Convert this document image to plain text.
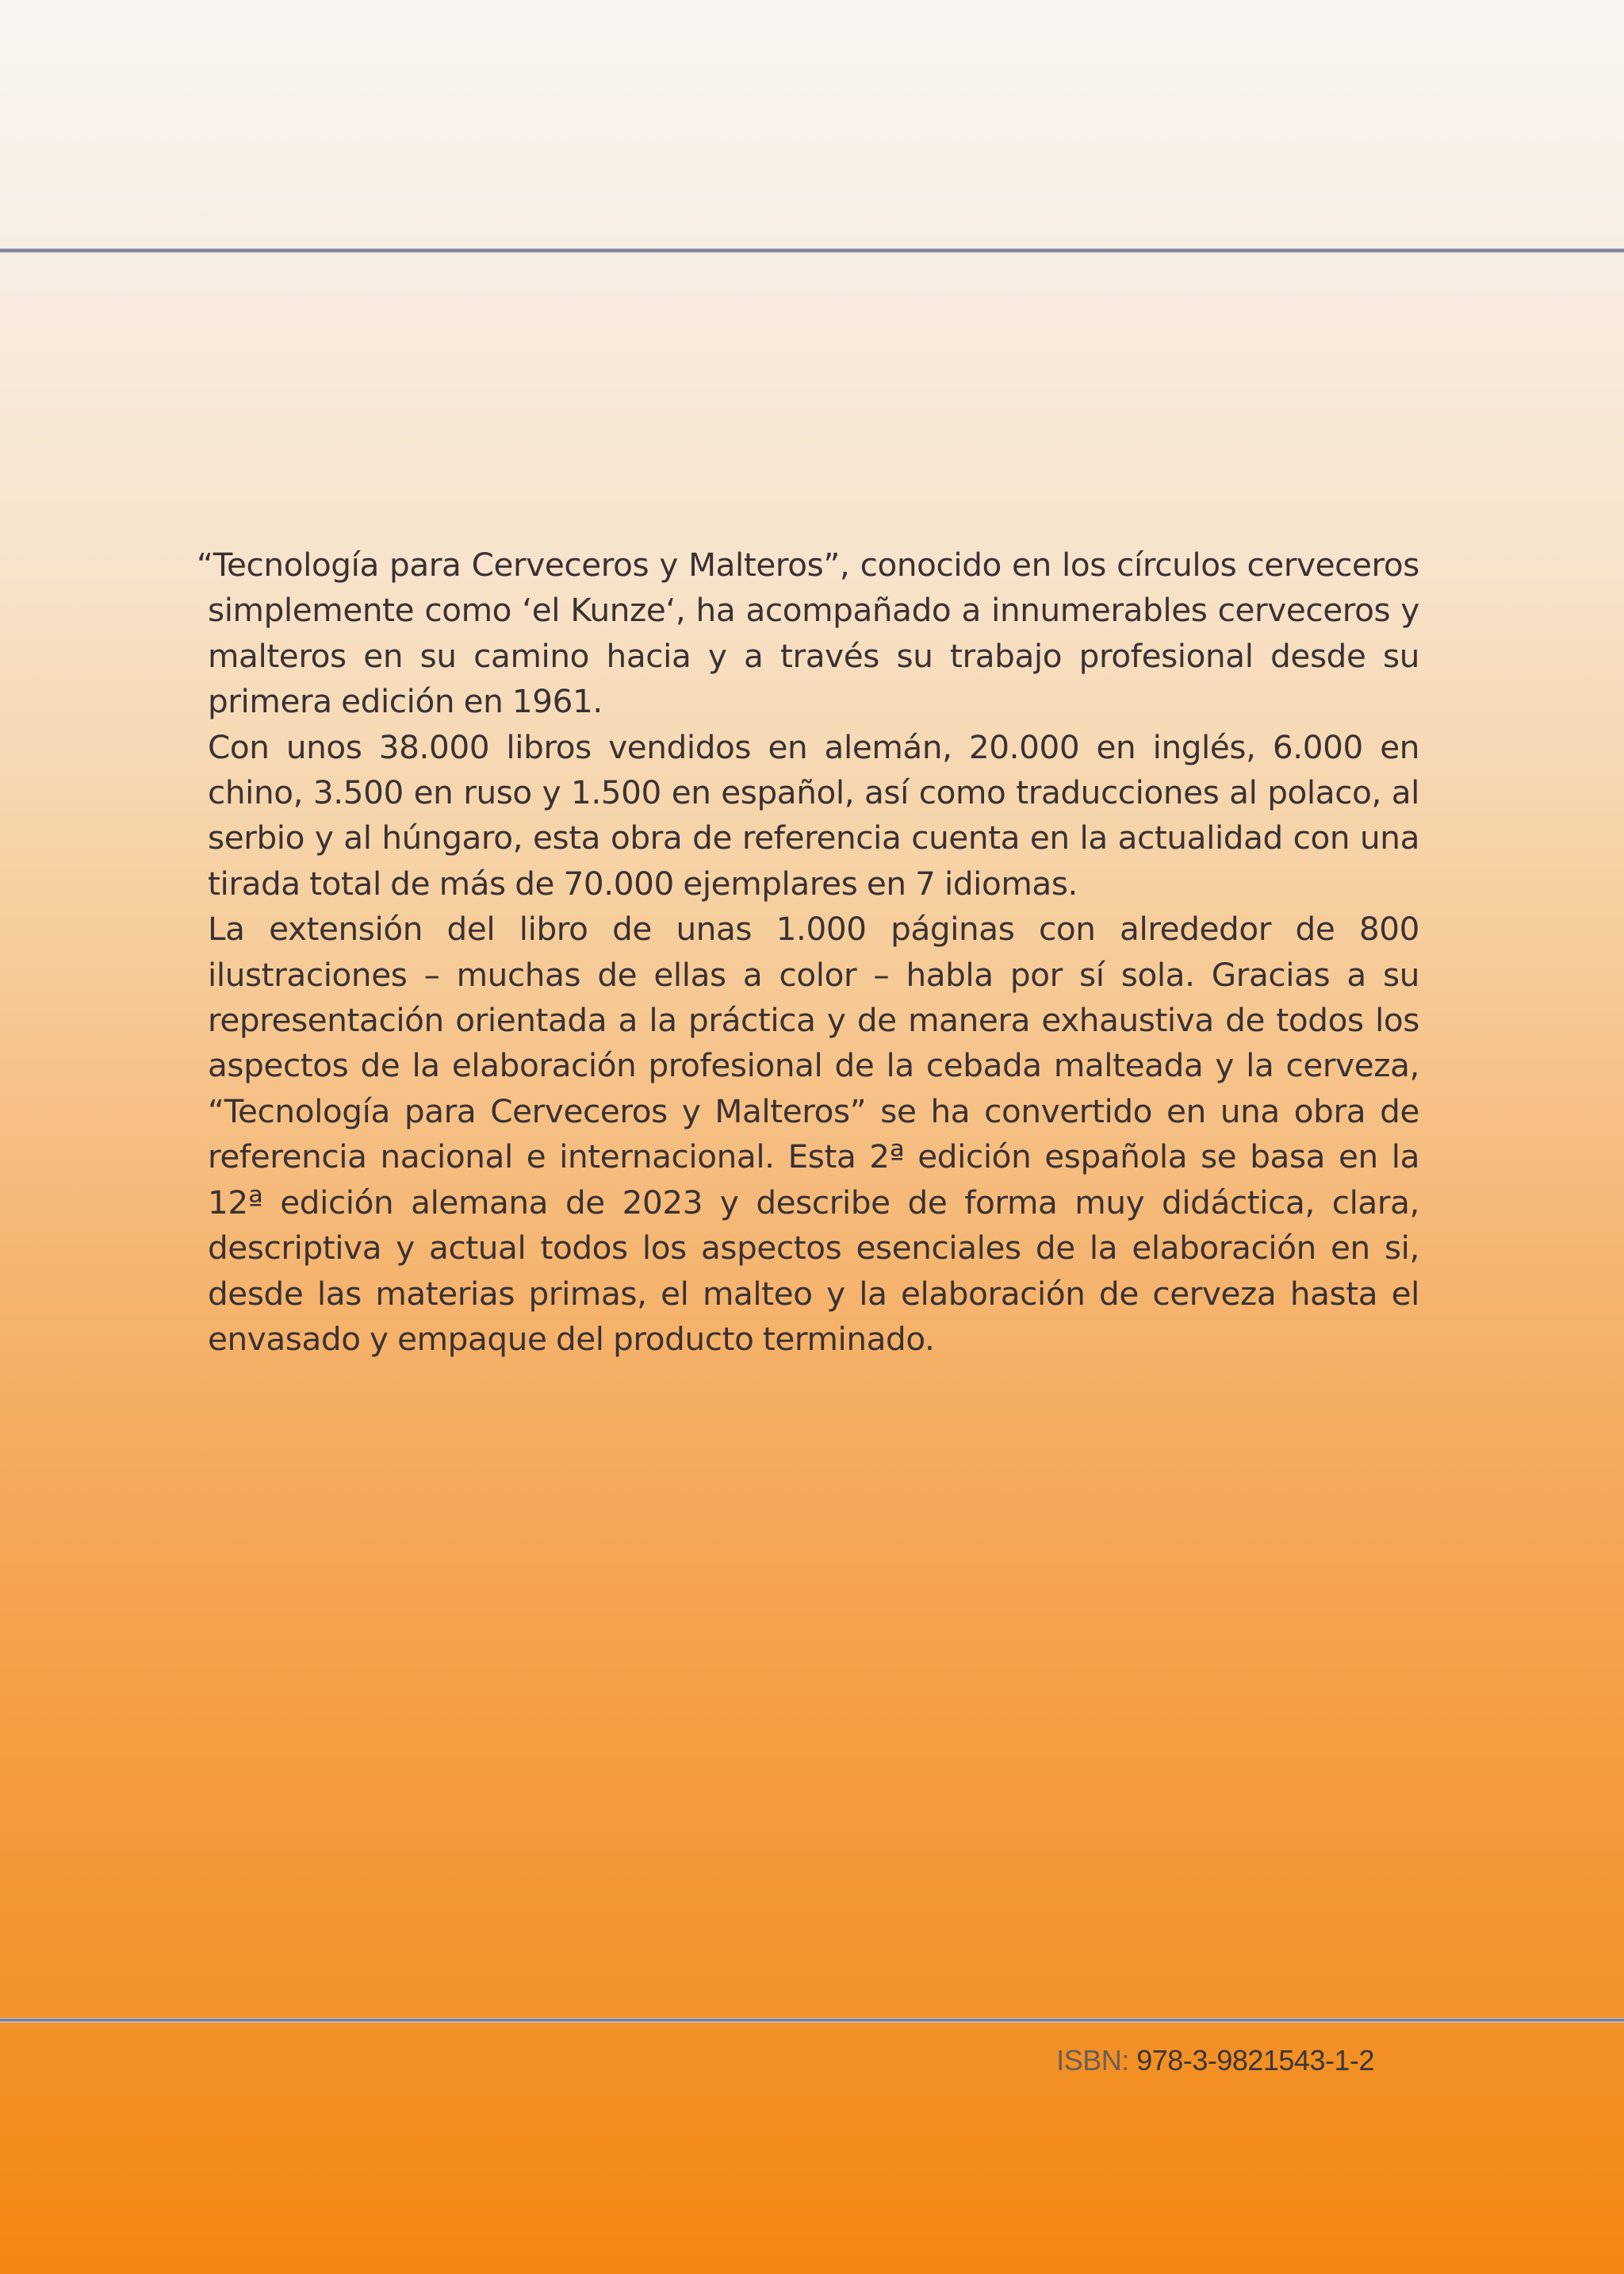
“Tecnología para Cerveceros y Malteros”, conocido en los círculos cerveceros simplemente como ‘el Kunze‘, ha acompañado a innumerables cerveceros y malteros en su camino hacia y a través su trabajo profesional desde su primera edición en 1961.

Con unos 38.000 libros vendidos en alemán, 20.000 en inglés, 6.000 en chino, 3.500 en ruso y 1.500 en español, así como traducciones al polaco, al serbio y al húngaro, esta obra de referencia cuenta en la actualidad con una tirada total de más de 70.000 ejemplares en 7 idiomas.

La extensión del libro de unas 1.000 páginas con alrededor de 800 ilustraciones – muchas de ellas a color – habla por sí sola. Gracias a su representación orientada a la práctica y de manera exhaustiva de todos los aspectos de la elaboración profesional de la cebada malteada y la cerveza, “Tecnología para Cerveceros y Malteros” se ha convertido en una obra de referencia nacional e internacional. Esta 2ª edición española se basa en la 12ª edición alemana de 2023 y describe de forma muy didáctica, clara, descriptiva y actual todos los aspectos esenciales de la elaboración en si, desde las materias primas, el malteo y la elaboración de cerveza hasta el envasado y empaque del producto terminado.

ISBN: 978-3-9821543-1-2
